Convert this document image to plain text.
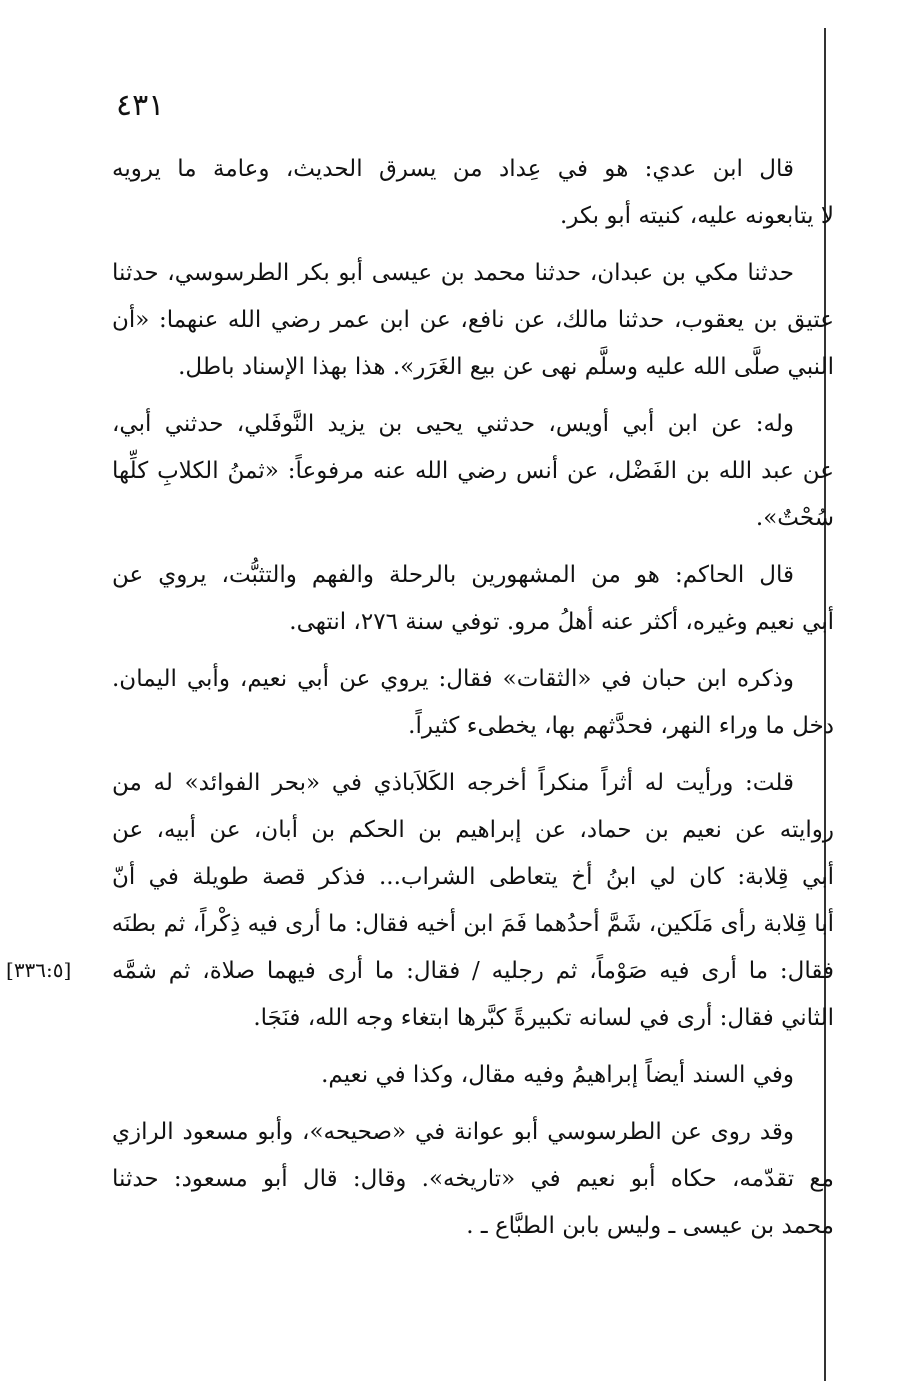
٤٣١
[٣٣٦:٥]
قال ابن عدي: هو في عِداد من يسرق الحديث، وعامة ما يرويه
لا يتابعونه عليه، كنيته أبو بكر.
حدثنا مكي بن عبدان، حدثنا محمد بن عيسى أبو بكر الطرسوسي، حدثنا
عتيق بن يعقوب، حدثنا مالك، عن نافع، عن ابن عمر رضي الله عنهما: «أن
النبي صلَّى الله عليه وسلَّم نهى عن بيع الغَرَر». هذا بهذا الإسناد باطل.
وله: عن ابن أبي أويس، حدثني يحيى بن يزيد النَّوفَلي، حدثني أبي،
عن عبد الله بن الفَضْل، عن أنس رضي الله عنه مرفوعاً: «ثمنُ الكلابِ كلِّها
سُحْتٌ».
قال الحاكم: هو من المشهورين بالرحلة والفهم والتثبُّت، يروي عن
أبي نعيم وغيره، أكثر عنه أهلُ مرو. توفي سنة ٢٧٦، انتهى.
وذكره ابن حبان في «الثقات» فقال: يروي عن أبي نعيم، وأبي اليمان.
دخل ما وراء النهر، فحدَّثهم بها، يخطىء كثيراً.
قلت: ورأيت له أثراً منكراً أخرجه الكَلاَباذي في «بحر الفوائد» له من
روايته عن نعيم بن حماد، عن إبراهيم بن الحكم بن أبان، عن أبيه، عن
أبي قِلابة: كان لي ابنُ أخ يتعاطى الشراب... فذكر قصة طويلة في أنّ
أبا قِلابة رأى مَلَكين، شَمَّ أحدُهما فَمَ ابن أخيه فقال: ما أرى فيه ذِكْراً، ثم بطنَه
فقال: ما أرى فيه صَوْماً، ثم رجليه / فقال: ما أرى فيهما صلاة، ثم شمَّه
الثاني فقال: أرى في لسانه تكبيرةً كبَّرها ابتغاء وجه الله، فنَجَا.
وفي السند أيضاً إبراهيمُ وفيه مقال، وكذا في نعيم.
وقد روى عن الطرسوسي أبو عوانة في «صحيحه»، وأبو مسعود الرازي
مع تقدّمه، حكاه أبو نعيم في «تاريخه». وقال: قال أبو مسعود: حدثنا
محمد بن عيسى ـ وليس بابن الطبَّاع ـ .
